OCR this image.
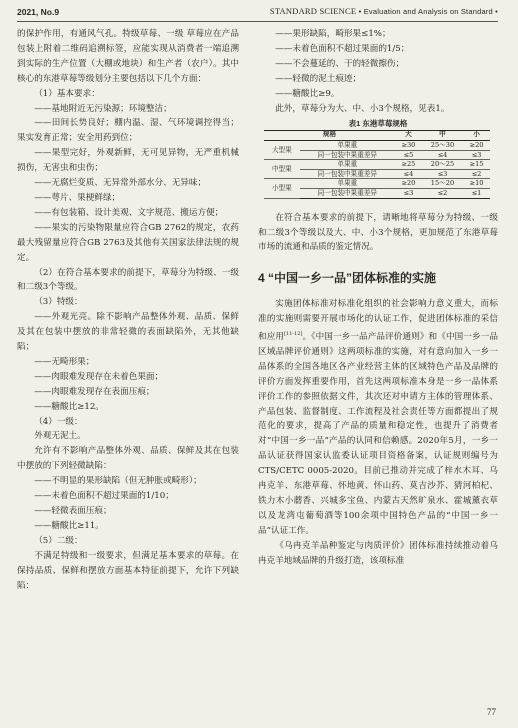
2021, No.9	STANDARD SCIENCE • Evaluation and Analysis on Standard •

的保护作用，有通风气孔。特级草莓、一级 草莓应在产品包装上附着二维码追溯标签，应能实现从消费者一端追溯到实际的生产位置（大棚或地块）和生产者（农户）。其中核心的东港草莓等级划分主要包括以下几个方面：

（1）基本要求：

——基地附近无污染源；环境整洁；

——田间长势良好；棚内温、湿、气环境调控得当；果实发育正常；安全用药到位；

——果型完好，外观新鲜，无可见异物，无严重机械损伤，无害虫和虫伤；

——无腐烂变质、无异常外部水分、无异味；

——萼片、果梗鲜绿；

——有包装箱、设计美观、文字规范、搬运方便；

——果实的污染物限量应符合GB 2762的规定，农药最大残留量应符合GB 2763及其他有关国家法律法规的规定。

（2）在符合基本要求的前提下，草莓分为特级、一级和二级3个等级。

（3）特级：

——外观光亮。除不影响产品整体外观、品质、保鲜及其在包装中摆放的非常轻微的表面缺陷外，无其他缺陷；

——无畸形果；

——肉眼难发现存在未着色果面；

——肉眼难发现存在表面压痕；

——糖酸比≥12。

（4）一级：

外观无泥土。

允许有不影响产品整体外观、品质、保鲜及其在包装中摆放的下列轻微缺陷：

——不明显的果形缺陷（但无肿胀或畸形）；

——未着色面积不超过果面的1/10；

——轻微表面压痕；

——糖酸比≥11。

（5）二级：

不满足特级和一级要求，但满足基本要求的草莓。在保持品质、保鲜和摆放方面基本特征前提下，允许下列缺陷：

——果形缺陷，畸形果≤1%；

——未着色面积不超过果面的1/5；

——不会蔓延的、干的轻微擦伤；

——轻微的泥土痕迹；

——糖酸比≥9。

此外，草莓分为大、中、小3个规格，见表1。

表1 东港草莓规格
规格		大	中	小
大型果	单果重	≥30	25～30	≥20
	同一包装中果重差异	≤5	≤4	≤3
中型果	单果重	≥25	20～25	≥15
	同一包装中果重差异	≤4	≤3	≤2
小型果	单果重	≥20	15～20	≥10
	同一包装中果重差异	≤3	≤2	≤1

在符合基本要求的前提下，请晰地将草莓分为特级、一级和二级3个等级以及大、中、小3个规格，更加规范了东港草莓市场的流通和品质的鉴定情况。

4 “中国一乡一品”团体标准的实施

实施团体标准对标准化组织的社会影响力意义重大，而标准的实施则需要开展市场化的认证工作，促进团体标准的采信和应用[11-12]。《中国一乡一品产品评价通则》和《中国一乡一品区域品牌评价通则》这两项标准的实施，对有意向加入一乡一品体系的全国各地区各产业经营主体的区域特色产品及品牌的评价方面发挥重要作用，首先这两项标准本身是一乡一品体系评价工作的参照依据文件，其次还对申请方主体的管理体系、产品包装、监督制度、工作流程及社会责任等方面都提出了规范化的要求，提高了产品的质量和稳定性，也提升了消费者对“中国一乡一品”产品的认同和信赖感。2020年5月，一乡一品认证获得国家认监委认证项目资格备案，认证规则编号为CTS/CETC 0005-2020。目前已推动并完成了梓水木耳、乌冉克羊、东港草莓、怀地黄、怀山药、莫吉沙芥、猜河柏杞、铁力木小蘑香、兴城多宝鱼、内蒙古天然旷泉水、霍城薰衣草以及龙湾屯葡萄酒等100余项中国特色产品的“中国一乡一品”认证工作。

《乌冉克羊品种鉴定与肉质评价》团体标准持续推动着乌冉克羊地域品牌的升级打造，该项标准

77
